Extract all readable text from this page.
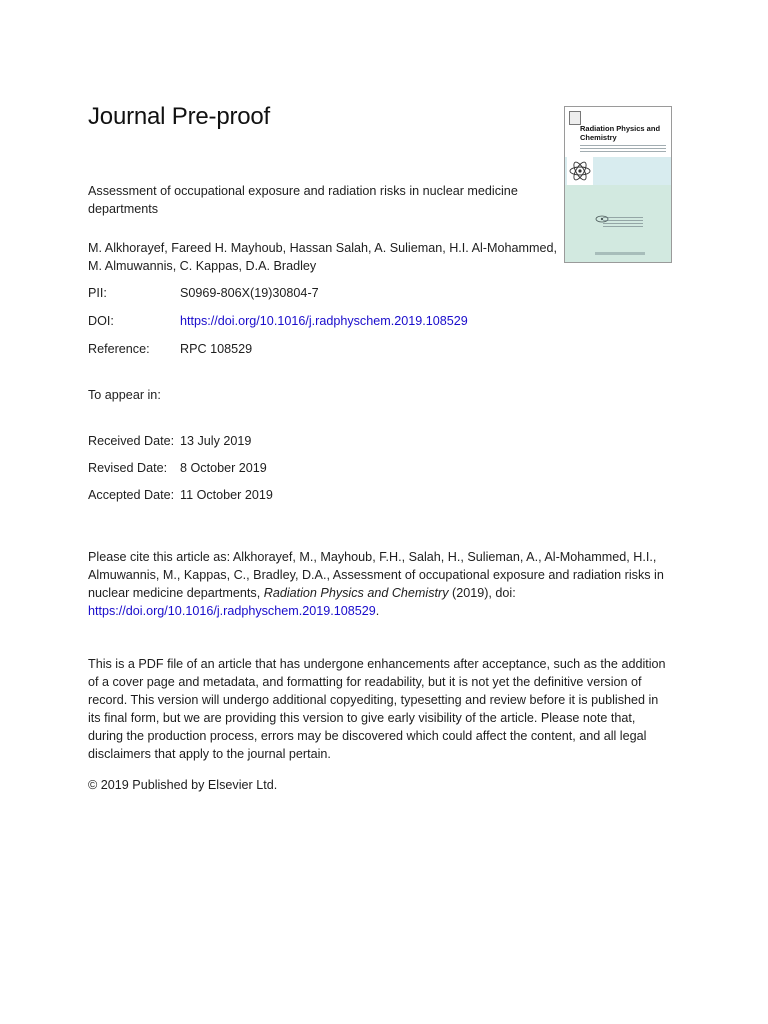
Journal Pre-proof	Radiation Physics and Chemistry
Assessment of occupational exposure and radiation risks in nuclear medicine departments
M. Alkhorayef, Fareed H. Mayhoub, Hassan Salah, A. Sulieman, H.I. Al-Mohammed, M. Almuwannis, C. Kappas, D.A. Bradley
PII:	S0969-806X(19)30804-7
DOI:	https://doi.org/10.1016/j.radphyschem.2019.108529
Reference: RPC 108529
To appear in:
Received Date: 13 July 2019
Revised Date: 8 October 2019
Accepted Date: 11 October 2019
Please cite this article as: Alkhorayef, M., Mayhoub, F.H., Salah, H., Sulieman, A., Al-Mohammed, H.I., Almuwannis, M., Kappas, C., Bradley, D.A., Assessment of occupational exposure and radiation risks in nuclear medicine departments, Radiation Physics and Chemistry (2019), doi: https://doi.org/10.1016/j.radphyschem.2019.108529.
This is a PDF file of an article that has undergone enhancements after acceptance, such as the addition of a cover page and metadata, and formatting for readability, but it is not yet the definitive version of record. This version will undergo additional copyediting, typesetting and review before it is published in its final form, but we are providing this version to give early visibility of the article. Please note that, during the production process, errors may be discovered which could affect the content, and all legal disclaimers that apply to the journal pertain.
© 2019 Published by Elsevier Ltd.
